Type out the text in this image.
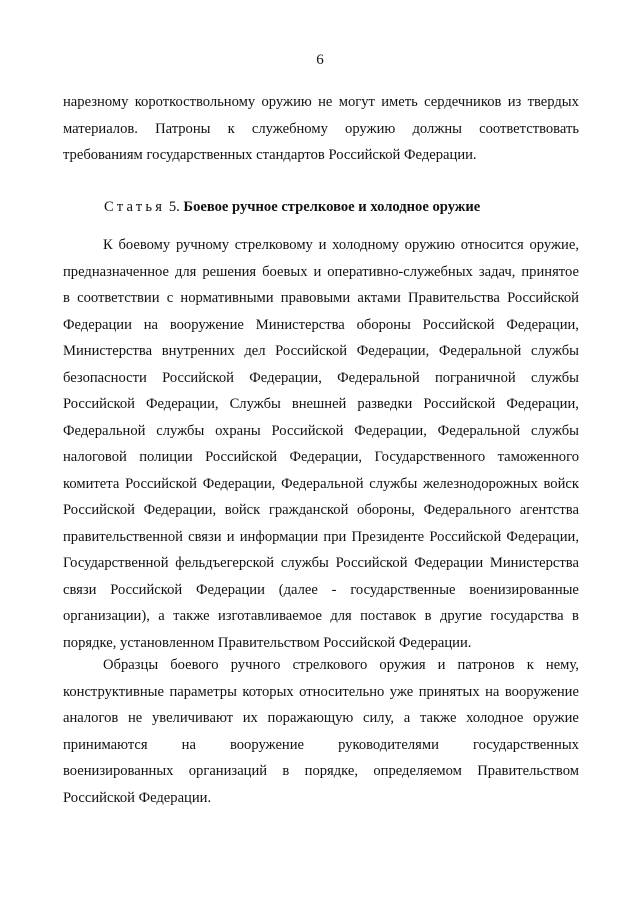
6
нарезному короткоствольному оружию не могут иметь сердечников из твердых
материалов. Патроны к служебному оружию должны соответствовать
требованиям государственных стандартов Российской Федерации.
Статья 5. Боевое ручное стрелковое и холодное оружие
К боевому ручному стрелковому и холодному оружию относится оружие,
предназначенное для решения боевых и оперативно-служебных задач, принятое
в соответствии с нормативными правовыми актами Правительства Российской
Федерации на вооружение Министерства обороны Российской Федерации,
Министерства внутренних дел Российской Федерации, Федеральной службы
безопасности Российской Федерации, Федеральной пограничной службы
Российской Федерации, Службы внешней разведки Российской Федерации,
Федеральной службы охраны Российской Федерации, Федеральной службы
налоговой полиции Российской Федерации, Государственного таможенного
комитета Российской Федерации, Федеральной службы железнодорожных войск
Российской Федерации, войск гражданской обороны, Федерального агентства
правительственной связи и информации при Президенте Российской Федерации,
Государственной фельдъегерской службы Российской Федерации Министерства
связи Российской Федерации (далее - государственные военизированные
организации), а также изготавливаемое для поставок в другие государства в
порядке, установленном Правительством Российской Федерации.
Образцы боевого ручного стрелкового оружия и патронов к нему,
конструктивные параметры которых относительно уже принятых на вооружение
аналогов не увеличивают их поражающую силу, а также холодное оружие
принимаются на вооружение руководителями государственных
военизированных организаций в порядке, определяемом Правительством
Российской Федерации.
